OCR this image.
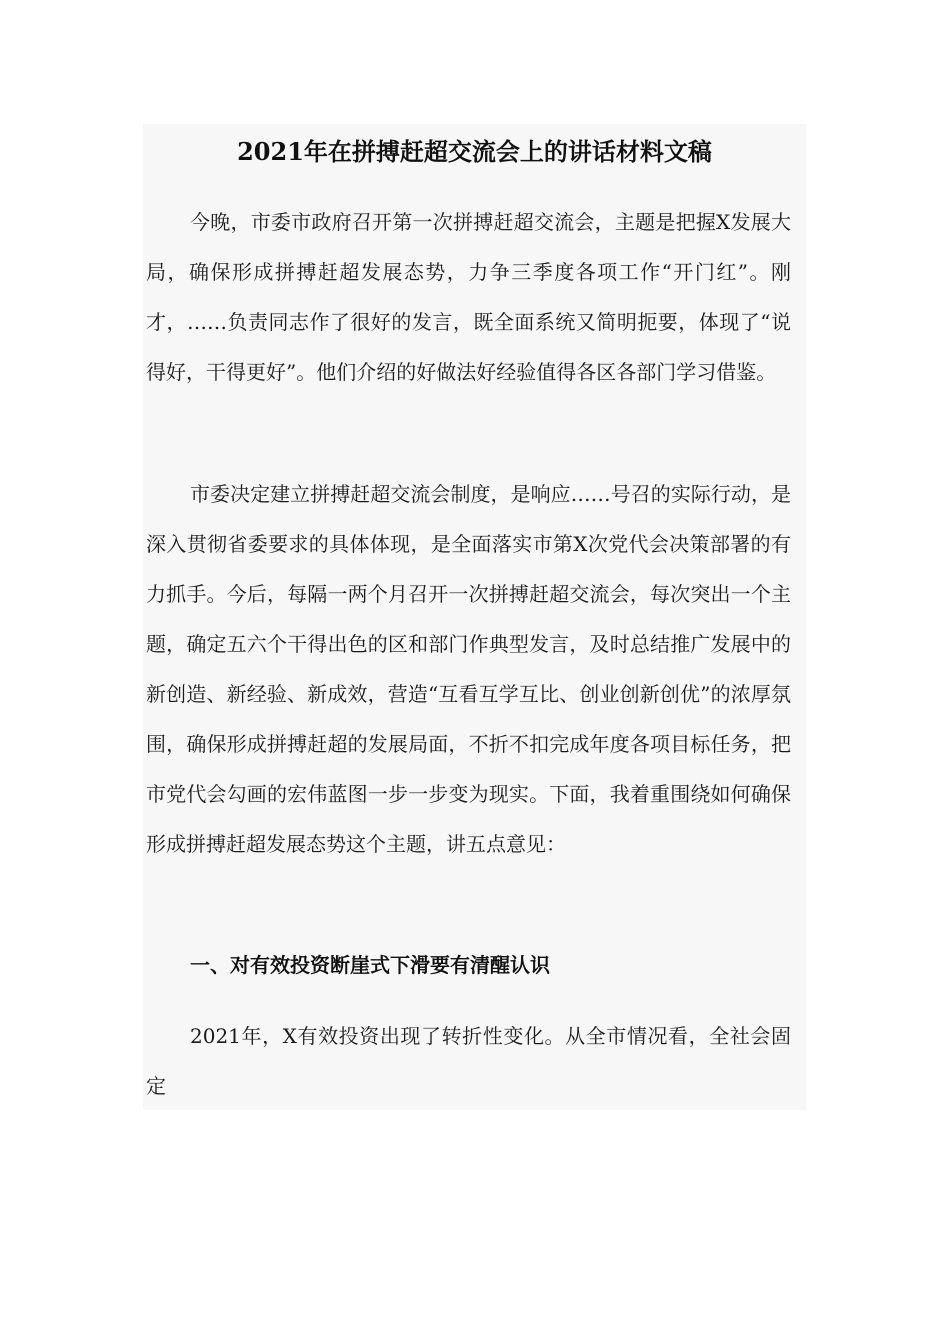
2021年在拼搏赶超交流会上的讲话材料文稿

今晚，市委市政府召开第一次拼搏赶超交流会，主题是把握X发展大局，确保形成拼搏赶超发展态势，力争三季度各项工作“开门红”。刚才，……负责同志作了很好的发言，既全面系统又简明扼要，体现了“说得好，干得更好”。他们介绍的好做法好经验值得各区各部门学习借鉴。

市委决定建立拼搏赶超交流会制度，是响应……号召的实际行动，是深入贯彻省委要求的具体体现，是全面落实市第X次党代会决策部署的有力抓手。今后，每隔一两个月召开一次拼搏赶超交流会，每次突出一个主题，确定五六个干得出色的区和部门作典型发言，及时总结推广发展中的新创造、新经验、新成效，营造“互看互学互比、创业创新创优”的浓厚氛围，确保形成拼搏赶超的发展局面，不折不扣完成年度各项目标任务，把市党代会勾画的宏伟蓝图一步一步变为现实。下面，我着重围绕如何确保形成拼搏赶超发展态势这个主题，讲五点意见：

一、对有效投资断崖式下滑要有清醒认识

2021年，X有效投资出现了转折性变化。从全市情况看，全社会固定
